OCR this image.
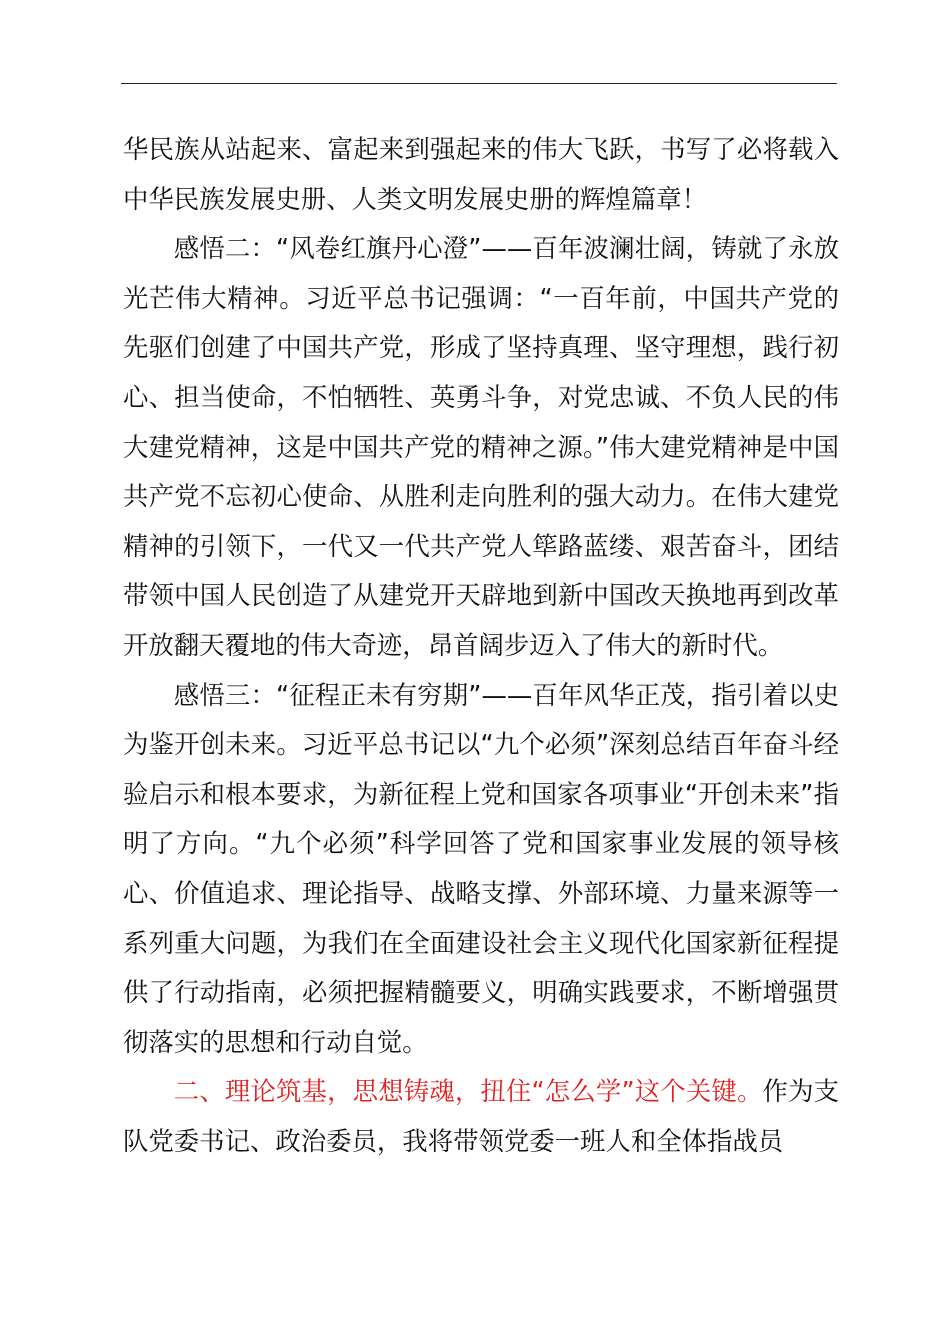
华民族从站起来、富起来到强起来的伟大飞跃，书写了必将载入中华民族发展史册、人类文明发展史册的辉煌篇章！

感悟二：“风卷红旗丹心澄”——百年波澜壮阔，铸就了永放光芒伟大精神。习近平总书记强调：“一百年前，中国共产党的先驱们创建了中国共产党，形成了坚持真理、坚守理想，践行初心、担当使命，不怕牺牲、英勇斗争，对党忠诚、不负人民的伟大建党精神，这是中国共产党的精神之源。”伟大建党精神是中国共产党不忘初心使命、从胜利走向胜利的强大动力。在伟大建党精神的引领下，一代又一代共产党人筚路蓝缕、艰苦奋斗，团结带领中国人民创造了从建党开天辟地到新中国改天换地再到改革开放翻天覆地的伟大奇迹，昂首阔步迈入了伟大的新时代。

感悟三：“征程正未有穷期”——百年风华正茂，指引着以史为鉴开创未来。习近平总书记以“九个必须”深刻总结百年奋斗经验启示和根本要求，为新征程上党和国家各项事业“开创未来”指明了方向。“九个必须”科学回答了党和国家事业发展的领导核心、价值追求、理论指导、战略支撑、外部环境、力量来源等一系列重大问题，为我们在全面建设社会主义现代化国家新征程提供了行动指南，必须把握精髓要义，明确实践要求，不断增强贯彻落实的思想和行动自觉。

二、理论筑基，思想铸魂，扭住“怎么学”这个关键。作为支队党委书记、政治委员，我将带领党委一班人和全体指战员
